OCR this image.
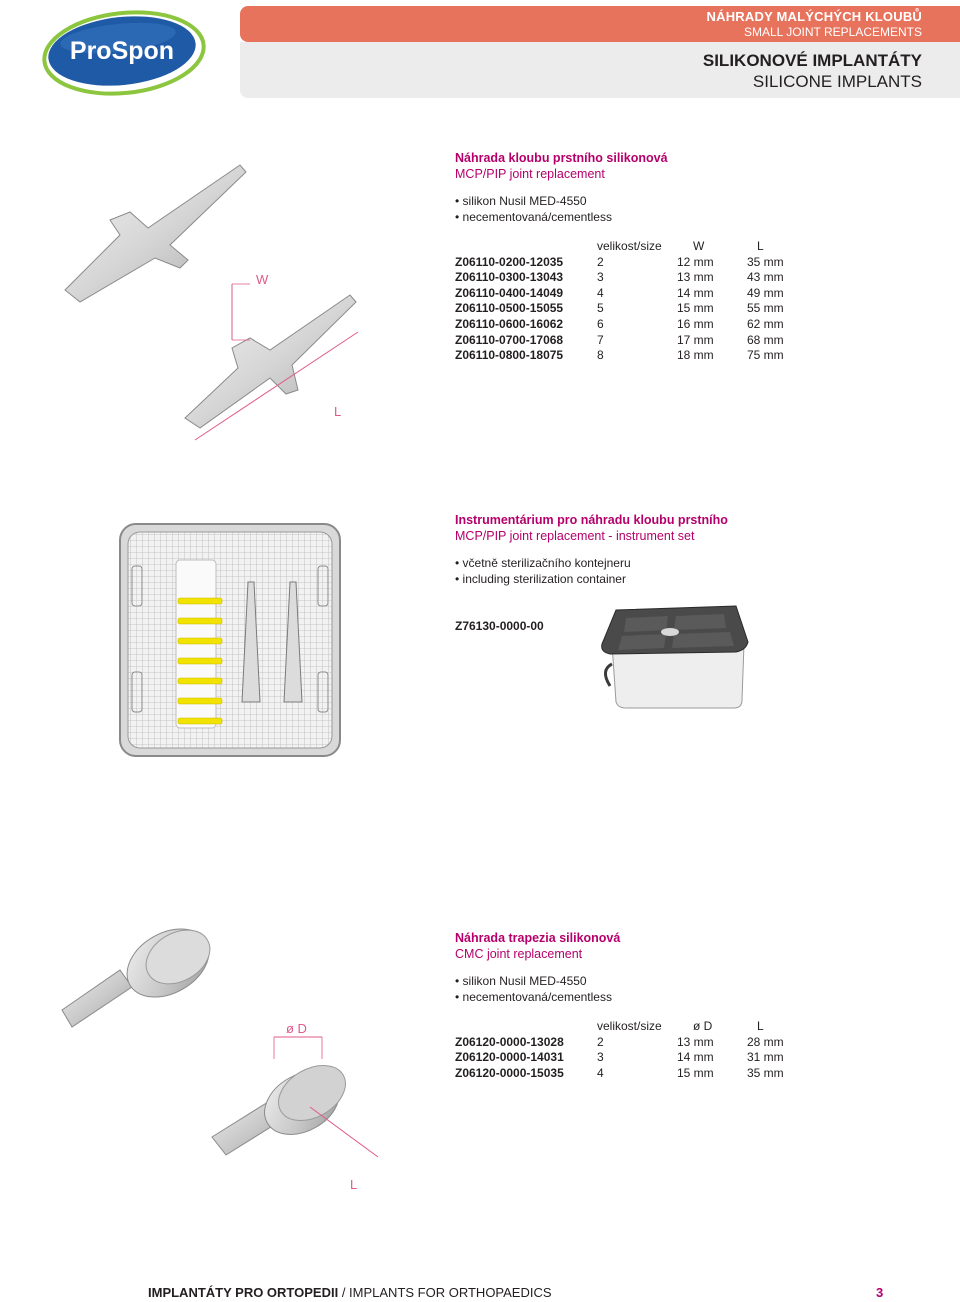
ProSpon
NÁHRADY MALÝCHÝCH KLOUBŮ
SMALL JOINT REPLACEMENTS
SILIKONOVÉ IMPLANTÁTY
SILICONE IMPLANTS
W
L
Náhrada kloubu prstního silikonová
MCP/PIP joint replacement
• silikon Nusil MED-4550
• necementovaná/cementless
	velikost/size	W	L
Z06110-0200-12035	2	12 mm	35 mm
Z06110-0300-13043	3	13 mm	43 mm
Z06110-0400-14049	4	14 mm	49 mm
Z06110-0500-15055	5	15 mm	55 mm
Z06110-0600-16062	6	16 mm	62 mm
Z06110-0700-17068	7	17 mm	68 mm
Z06110-0800-18075	8	18 mm	75 mm
Instrumentárium pro náhradu kloubu prstního
MCP/PIP joint replacement - instrument set
• včetně sterilizačního kontejneru
• including sterilization container
Z76130-0000-00
ø D
L
Náhrada trapezia silikonová
CMC joint replacement
• silikon Nusil MED-4550
• necementovaná/cementless
	velikost/size	ø D	L
Z06120-0000-13028	2	13 mm	28 mm
Z06120-0000-14031	3	14 mm	31 mm
Z06120-0000-15035	4	15 mm	35 mm
IMPLANTÁTY PRO ORTOPEDII / IMPLANTS FOR ORTHOPAEDICS	3
